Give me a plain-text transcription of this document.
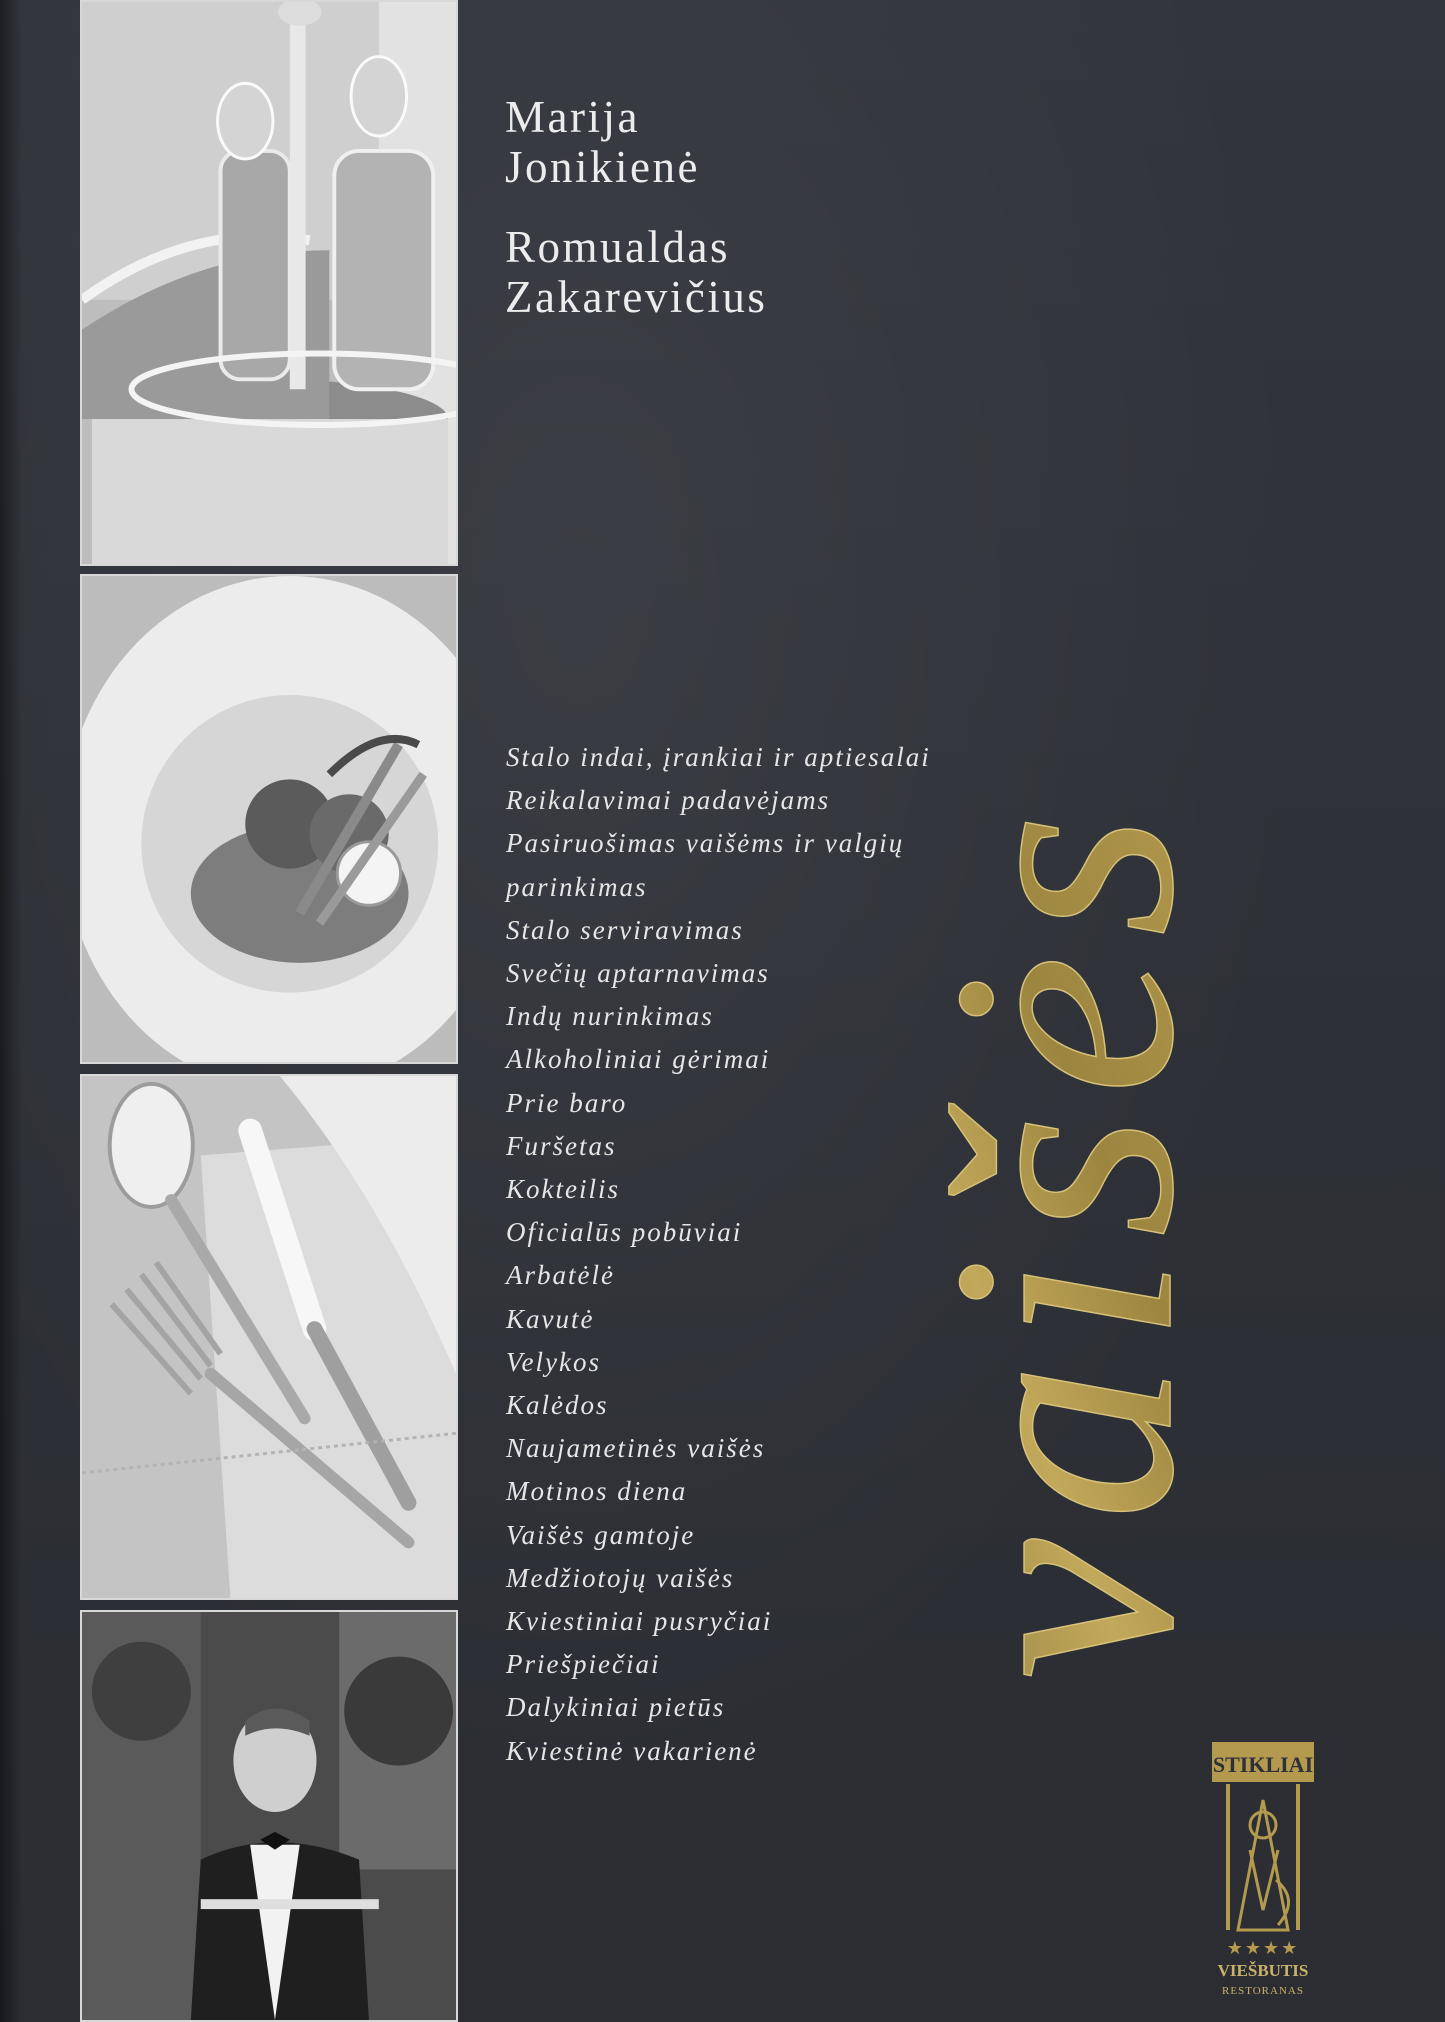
Marija
Jonikienė
Romualdas
Zakarevičius
Stalo indai, įrankiai ir aptiesalai
Reikalavimai padavėjams
Pasiruošimas vaišėms ir valgių
parinkimas
Stalo serviravimas
Svečių aptarnavimas
Indų nurinkimas
Alkoholiniai gėrimai
Prie baro
Furšetas
Kokteilis
Oficialūs pobūviai
Arbatėlė
Kavutė
Velykos
Kalėdos
Naujametinės vaišės
Motinos diena
Vaišės gamtoje
Medžiotojų vaišės
Kviestiniai pusryčiai
Priešpiečiai
Dalykiniai pietūs
Kviestinė vakarienė
vaišės
STIKLIAI
★★★★
VIEŠBUTIS
RESTORANAS
